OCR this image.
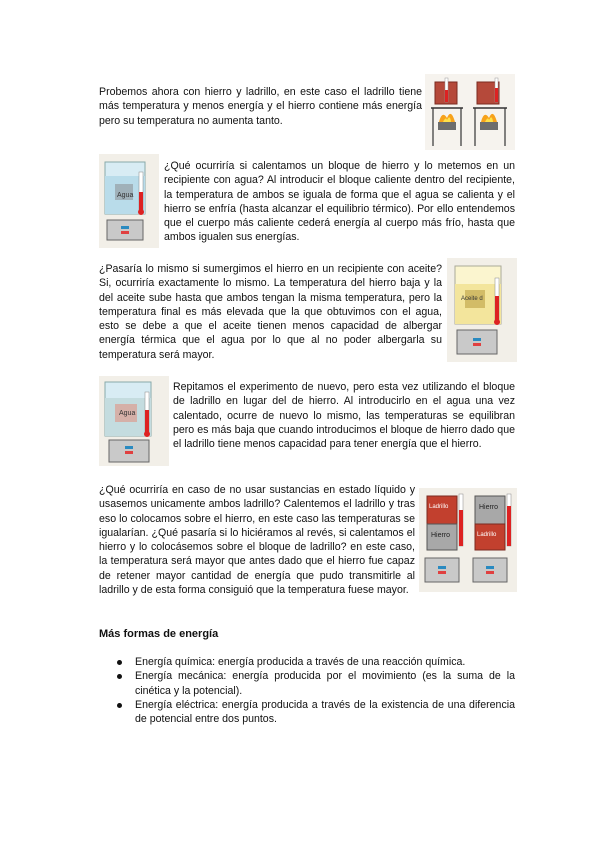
Probemos ahora con hierro y ladrillo, en este caso el ladrillo tiene más temperatura y menos energía y el hierro contiene más energía pero su temperatura no aumenta tanto.

Agua

¿Qué ocurriría si calentamos un bloque de hierro y lo metemos en un recipiente con agua? Al introducir el bloque caliente dentro del recipiente, la temperatura de ambos se iguala de forma que el agua se calienta y el hierro se enfría (hasta alcanzar el equilibrio térmico). Por ello entendemos que el cuerpo más caliente cederá energía al cuerpo más frío, hasta que ambos igualen sus energías.

¿Pasaría lo mismo si sumergimos el hierro en un recipiente con aceite? Si, ocurriría exactamente lo mismo. La temperatura del hierro baja y la del aceite sube hasta que ambos tengan la misma temperatura, pero la temperatura final es más elevada que la que obtuvimos con el agua, esto se debe a que el aceite tienen menos capacidad de albergar energía térmica que el agua por lo que al no poder albergarla su temperatura será mayor.

Aceite d
Agua

Repitamos el experimento de nuevo, pero esta vez utilizando el bloque de ladrillo en lugar del de hierro. Al introducirlo en el agua una vez calentado, ocurre de nuevo lo mismo, las temperaturas se equilibran pero es más baja que cuando introducimos el bloque de hierro dado que el ladrillo tiene menos capacidad para tener energía que el hierro.

¿Qué ocurriría en caso de no usar sustancias en estado líquido y usasemos unicamente ambos ladrillo? Calentemos el ladrillo y tras eso lo colocamos sobre el hierro, en este caso las temperaturas se igualarían. ¿Qué pasaría si lo hiciéramos al revés, si calentamos el hierro y lo colocásemos sobre el bloque de ladrillo? en este caso, la temperatura será mayor que antes dado que el hierro fue capaz de retener mayor cantidad de energía que pudo transmitirle al ladrillo y de esta forma consiguió que la temperatura fuese mayor.

Ladrillo
Hierro
Hierro
Ladrillo
Más formas de energía
Energía química: energía producida a través de una reacción química.
Energía mecánica: energía producida por el movimiento (es la suma de la cinética y la potencial).
Energía eléctrica: energía producida a través de la existencia de una diferencia de potencial entre dos puntos.
